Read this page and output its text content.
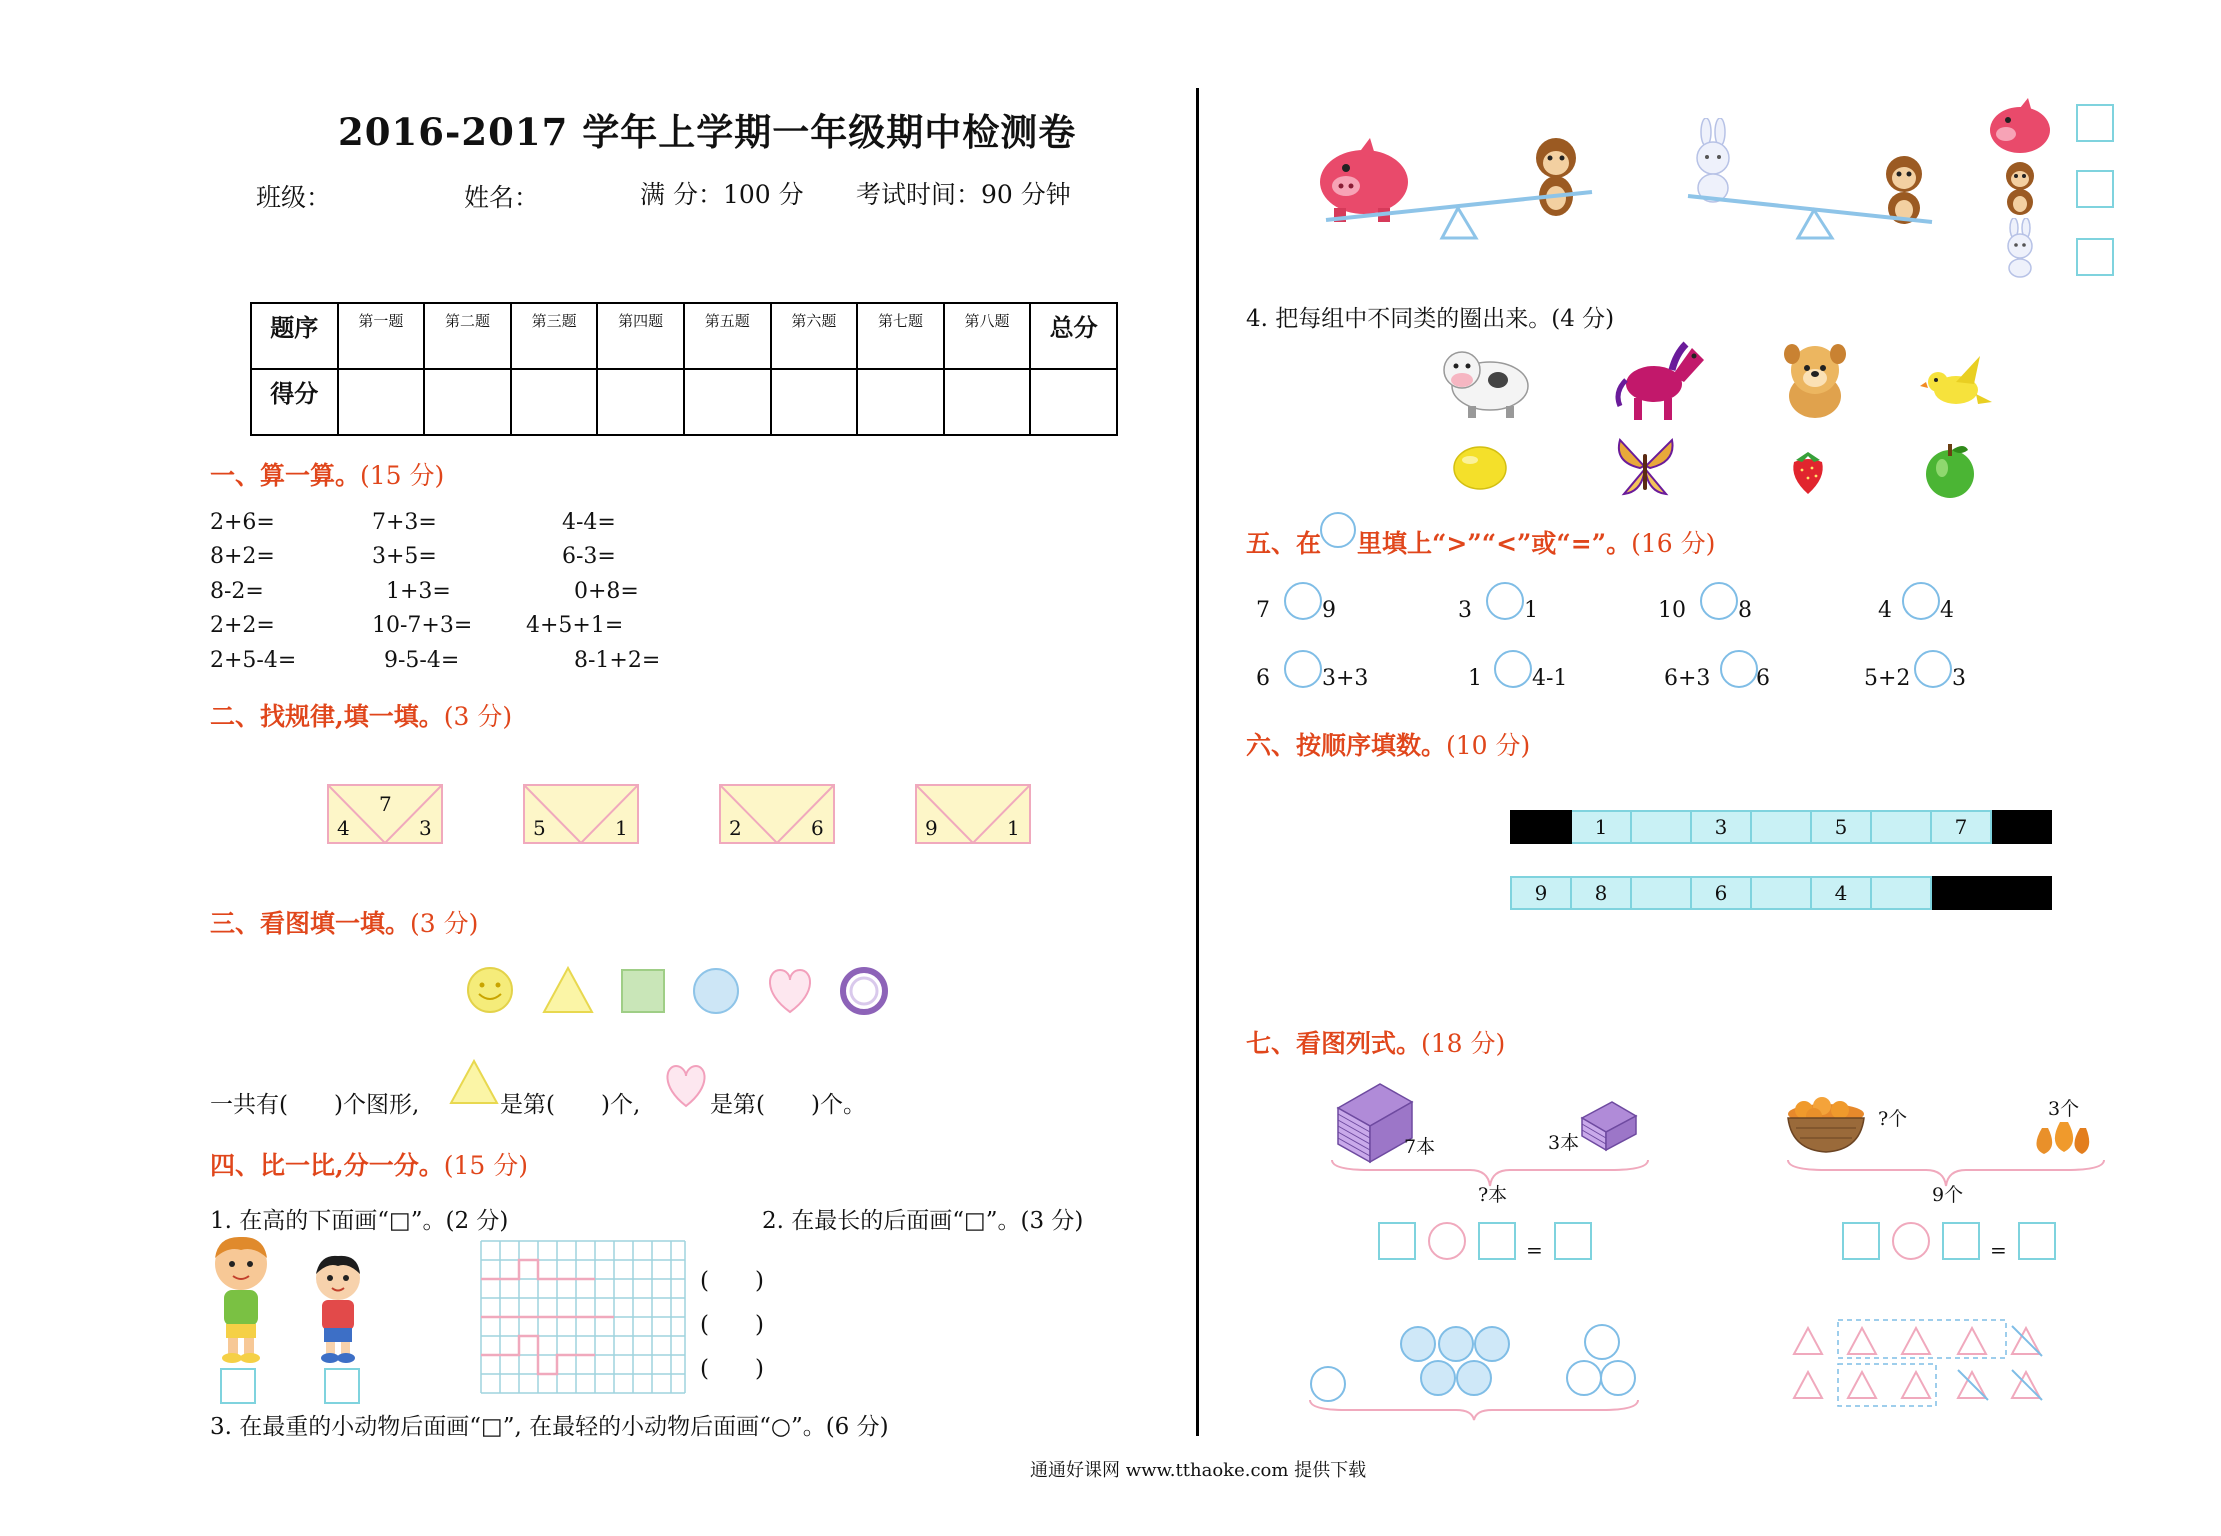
2016-2017 学年上学期一年级期中检测卷
班级：	姓名：	满 分：100 分 考试时间：90 分钟
题序	第一题	第二题	第三题	第四题	第五题	第六题	第七题	第八题	总分
得分									
一、算一算。(15 分)
2+6=	7+3=	4-4=
8+2=	3+5=	6-3=
8-2=	1+3=	0+8=
2+2=	10-7+3= 4+5+1=
2+5-4=	9-5-4=	8-1+2=
二、找规律,填一填。(3 分)
7
4	3	5	1	2	6	9	1
三、看图填一填。(3 分)
一共有(　　)个图形,	是第(　　)个,	是第(　　)个。
四、比一比,分一分。(15 分)
1. 在高的下面画“□”。(2 分)	2. 在最长的后面画“□”。(3 分)
(　　)
(　　)
(　　)
3. 在最重的小动物后面画“□”, 在最轻的小动物后面画“○”。(6 分)
4. 把每组中不同类的圈出来。(4 分)
五、在 里填上“>”“<”或“=”。(16 分)
7 9	3 1	10 8	4 4
6 3+3	1 4-1	6+3 6	5+2 3
六、按顺序填数。(10 分)
	1		3		5		7	
9	8		6		4			
七、看图列式。(18 分)
7本	3本
?本
=
?个	3个
9个
=
通通好课网 www.tthaoke.com 提供下载
